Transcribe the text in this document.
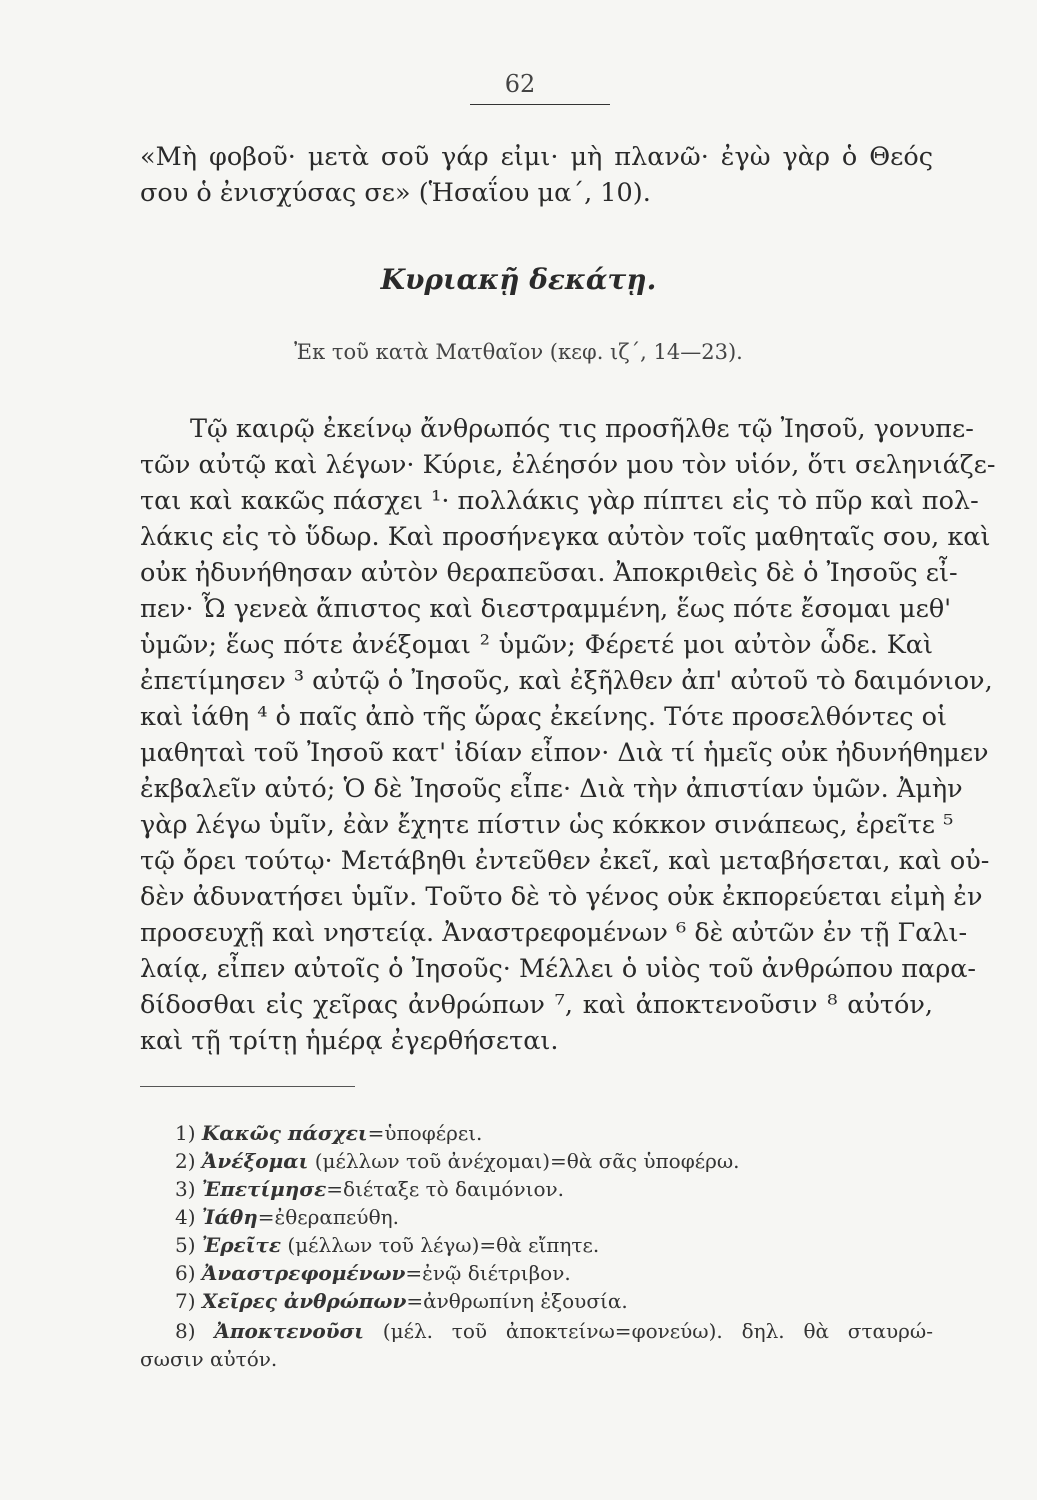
62
«Μὴ φοβοῦ· μετὰ σοῦ γάρ εἰμι· μὴ πλανῶ· ἐγὼ γὰρ ὁ Θεός
σου ὁ ἐνισχύσας σε» (Ἡσαΐου μα΄, 10).
Κυριακῇ δεκάτῃ.
Ἐκ τοῦ κατὰ Ματθαῖον (κεφ. ιζ΄, 14—23).
Τῷ καιρῷ ἐκείνῳ ἄνθρωπός τις προσῆλθε τῷ Ἰησοῦ, γονυπε-
τῶν αὐτῷ καὶ λέγων· Κύριε, ἐλέησόν μου τὸν υἱόν, ὅτι σεληνιάζε-
ται καὶ κακῶς πάσχει ¹· πολλάκις γὰρ πίπτει εἰς τὸ πῦρ καὶ πολ-
λάκις εἰς τὸ ὕδωρ. Καὶ προσήνεγκα αὐτὸν τοῖς μαθηταῖς σου, καὶ
οὐκ ἠδυνήθησαν αὐτὸν θεραπεῦσαι. Ἀποκριθεὶς δὲ ὁ Ἰησοῦς εἶ-
πεν· Ὦ γενεὰ ἄπιστος καὶ διεστραμμένη, ἕως πότε ἔσομαι μεθ'
ὑμῶν; ἕως πότε ἀνέξομαι ² ὑμῶν; Φέρετέ μοι αὐτὸν ὧδε. Καὶ
ἐπετίμησεν ³ αὐτῷ ὁ Ἰησοῦς, καὶ ἐξῆλθεν ἀπ' αὐτοῦ τὸ δαιμόνιον,
καὶ ἰάθη ⁴ ὁ παῖς ἀπὸ τῆς ὥρας ἐκείνης. Τότε προσελθόντες οἱ
μαθηταὶ τοῦ Ἰησοῦ κατ' ἰδίαν εἶπον· Διὰ τί ἡμεῖς οὐκ ἠδυνήθημεν
ἐκβαλεῖν αὐτό; Ὁ δὲ Ἰησοῦς εἶπε· Διὰ τὴν ἀπιστίαν ὑμῶν. Ἀμὴν
γὰρ λέγω ὑμῖν, ἐὰν ἔχητε πίστιν ὡς κόκκον σινάπεως, ἐρεῖτε ⁵
τῷ ὄρει τούτῳ· Μετάβηθι ἐντεῦθεν ἐκεῖ, καὶ μεταβήσεται, καὶ οὐ-
δὲν ἀδυνατήσει ὑμῖν. Τοῦτο δὲ τὸ γένος οὐκ ἐκπορεύεται εἰμὴ ἐν
προσευχῇ καὶ νηστείᾳ. Ἀναστρεφομένων ⁶ δὲ αὐτῶν ἐν τῇ Γαλι-
λαίᾳ, εἶπεν αὐτοῖς ὁ Ἰησοῦς· Μέλλει ὁ υἱὸς τοῦ ἀνθρώπου παρα-
δίδοσθαι εἰς χεῖρας ἀνθρώπων ⁷, καὶ ἀποκτενοῦσιν ⁸ αὐτόν,
καὶ τῇ τρίτῃ ἡμέρᾳ ἐγερθήσεται.
1) Κακῶς πάσχει=ὑποφέρει.
2) Ἀνέξομαι (μέλλων τοῦ ἀνέχομαι)=θὰ σᾶς ὑποφέρω.
3) Ἐπετίμησε=διέταξε τὸ δαιμόνιον.
4) Ἰάθη=ἐθεραπεύθη.
5) Ἐρεῖτε (μέλλων τοῦ λέγω)=θὰ εἴπητε.
6) Ἀναστρεφομένων=ἐνῷ διέτριβον.
7) Χεῖρες ἀνθρώπων=ἀνθρωπίνη ἐξουσία.
8) Ἀποκτενοῦσι (μέλ. τοῦ ἀποκτείνω=φονεύω). δηλ. θὰ σταυρώ-
σωσιν αὐτόν.
